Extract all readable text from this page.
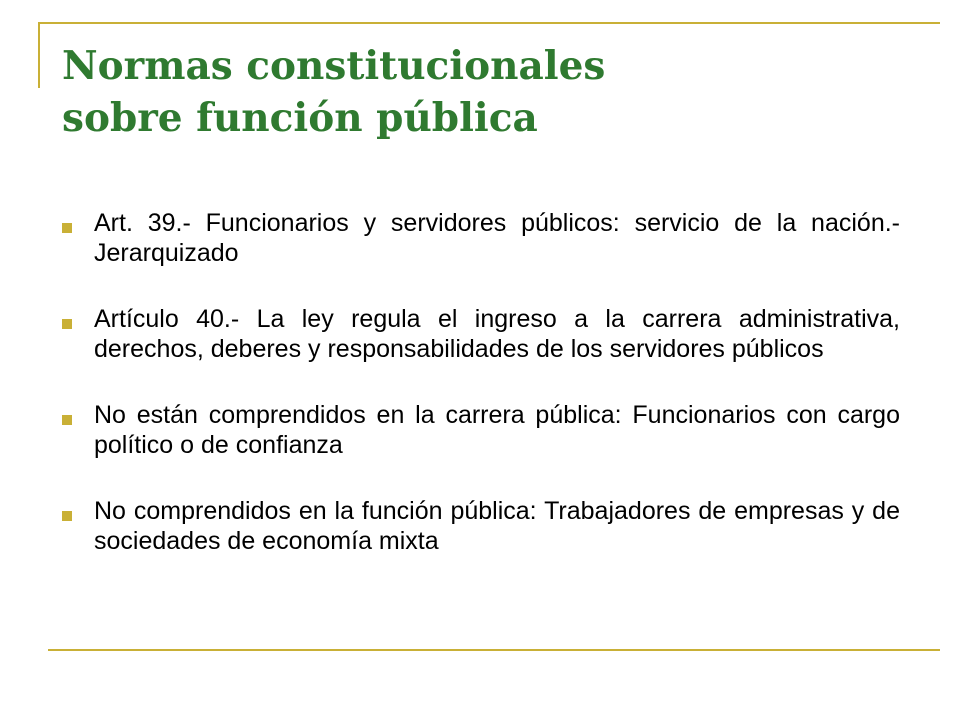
Normas constitucionales
sobre función pública
Art. 39.- Funcionarios y servidores públicos: servicio de la nación.- Jerarquizado
Artículo 40.- La ley regula el ingreso a la carrera administrativa, derechos, deberes y responsabilidades de los servidores públicos
No están comprendidos en la carrera pública: Funcionarios con cargo político o de confianza
No comprendidos en la función pública: Trabajadores de empresas y de sociedades de economía mixta
